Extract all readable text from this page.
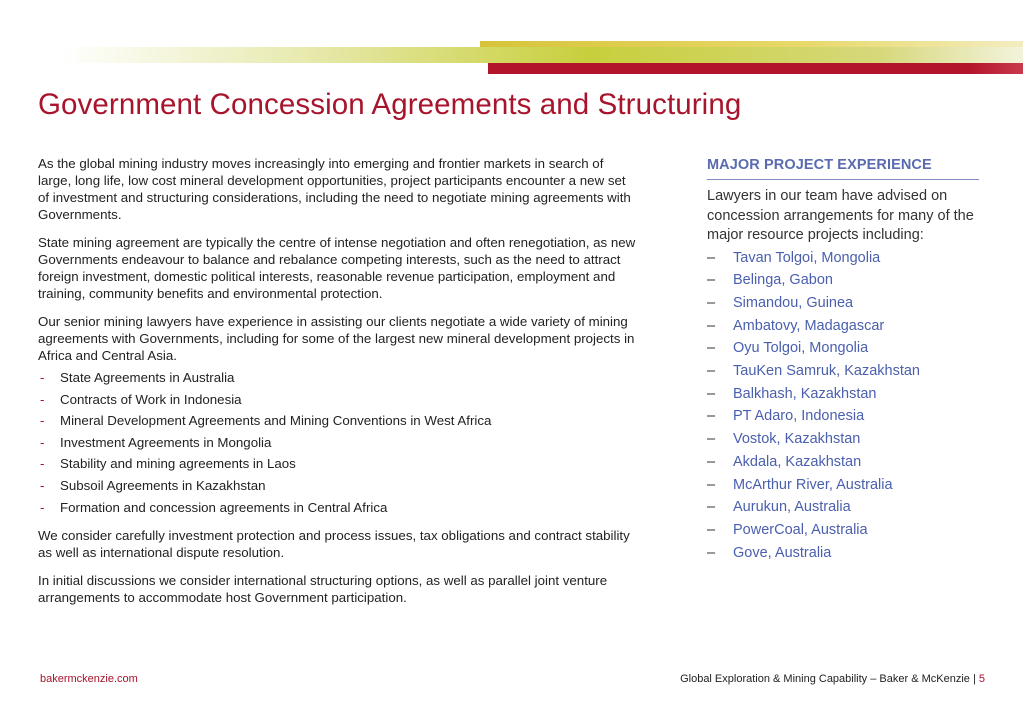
Government Concession Agreements and Structuring

As the global mining industry moves increasingly into emerging and frontier markets in search of large, long life, low cost mineral development opportunities, project participants encounter a new set of investment and structuring considerations, including the need to negotiate mining agreements with Governments.

State mining agreement are typically the centre of intense negotiation and often renegotiation, as new Governments endeavour to balance and rebalance competing interests, such as the need to attract foreign investment, domestic political interests, reasonable revenue participation, employment and training, community benefits and environmental protection.

Our senior mining lawyers have experience in assisting our clients negotiate a wide variety of mining agreements with Governments, including for some of the largest new mineral development projects in Africa and Central Asia.

- State Agreements in Australia
- Contracts of Work in Indonesia
- Mineral Development Agreements and Mining Conventions in West Africa
- Investment Agreements in Mongolia
- Stability and mining agreements in Laos
- Subsoil Agreements in Kazakhstan
- Formation and concession agreements in Central Africa

We consider carefully investment protection and process issues, tax obligations and contract stability as well as international dispute resolution.

In initial discussions we consider international structuring options, as well as parallel joint venture arrangements to accommodate host Government participation.

MAJOR PROJECT EXPERIENCE

Lawyers in our team have advised on concession arrangements for many of the major resource projects including:

– Tavan Tolgoi, Mongolia
– Belinga, Gabon
– Simandou, Guinea
– Ambatovy, Madagascar
– Oyu Tolgoi, Mongolia
– TauKen Samruk, Kazakhstan
– Balkhash, Kazakhstan
– PT Adaro, Indonesia
– Vostok, Kazakhstan
– Akdala, Kazakhstan
– McArthur River, Australia
– Aurukun, Australia
– PowerCoal, Australia
– Gove, Australia
bakermckenzie.com	Global Exploration & Mining Capability – Baker & McKenzie | 5
